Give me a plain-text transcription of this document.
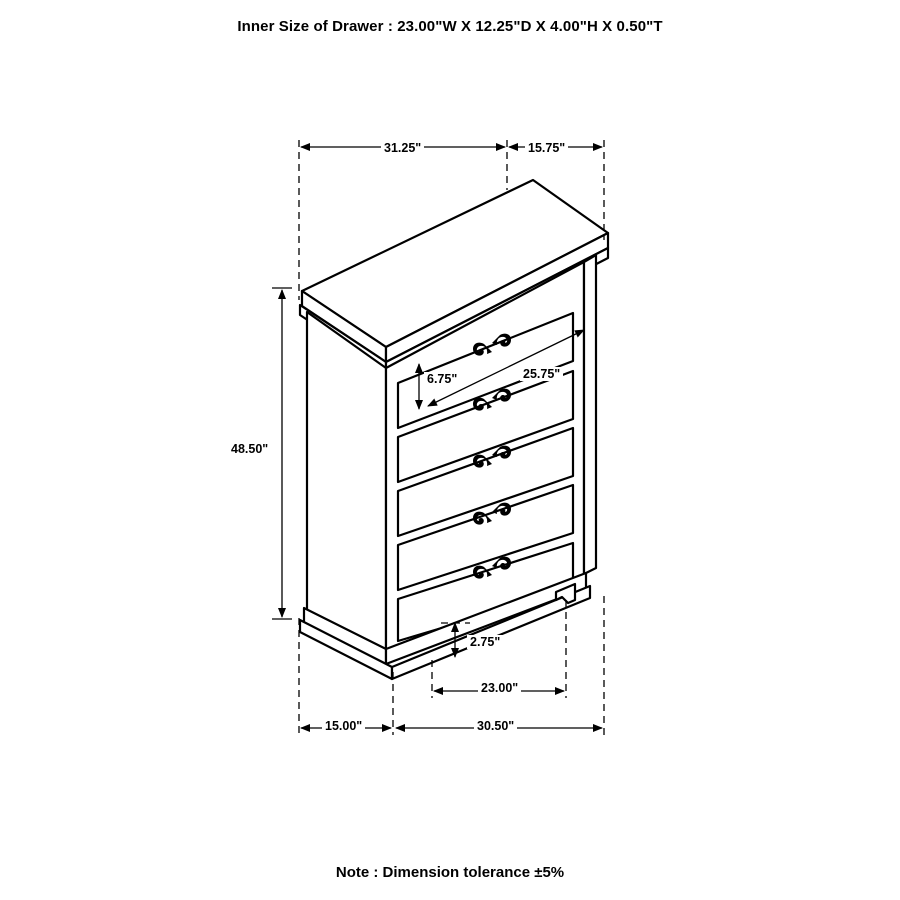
Inner Size of Drawer : 23.00"W X 12.25"D X 4.00"H X 0.50"T
31.25"	15.75"
48.50"
6.75"	25.75"
2.75"
23.00"
15.00"	30.50"
Note : Dimension tolerance ±5%
